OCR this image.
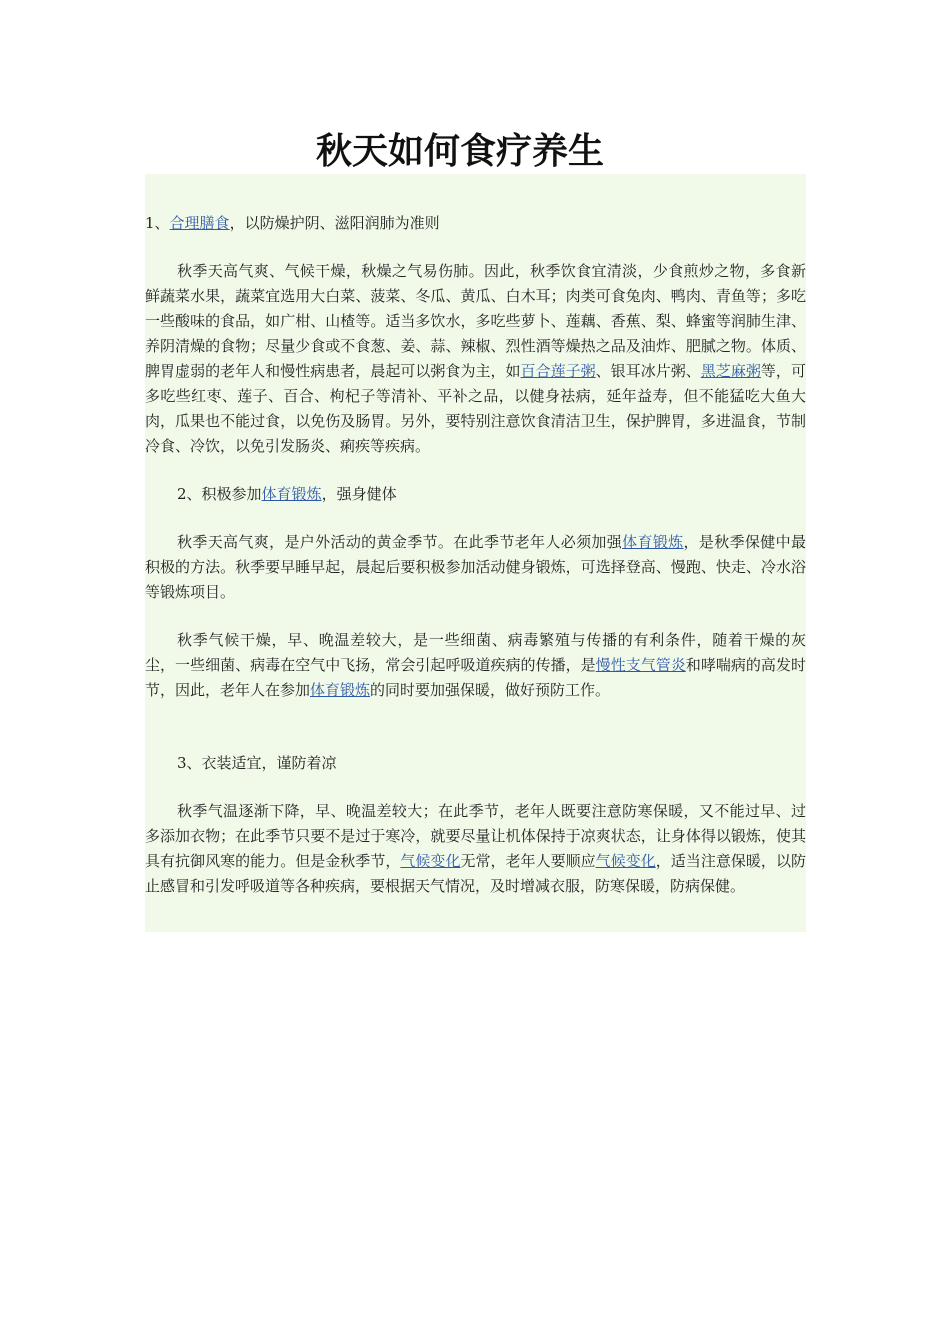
秋天如何食疗养生

1、合理膳食，以防燥护阴、滋阳润肺为准则

秋季天高气爽、气候干燥，秋燥之气易伤肺。因此，秋季饮食宜清淡，少食煎炒之物，多食新鲜蔬菜水果，蔬菜宜选用大白菜、菠菜、冬瓜、黄瓜、白木耳；肉类可食兔肉、鸭肉、青鱼等；多吃一些酸味的食品，如广柑、山楂等。适当多饮水，多吃些萝卜、莲藕、香蕉、梨、蜂蜜等润肺生津、养阴清燥的食物；尽量少食或不食葱、姜、蒜、辣椒、烈性酒等燥热之品及油炸、肥腻之物。体质、脾胃虚弱的老年人和慢性病患者，晨起可以粥食为主，如百合莲子粥、银耳冰片粥、黑芝麻粥等，可多吃些红枣、莲子、百合、枸杞子等清补、平补之品，以健身祛病，延年益寿，但不能猛吃大鱼大肉，瓜果也不能过食，以免伤及肠胃。另外，要特别注意饮食清洁卫生，保护脾胃，多进温食，节制冷食、冷饮，以免引发肠炎、痢疾等疾病。

2、积极参加体育锻炼，强身健体

秋季天高气爽，是户外活动的黄金季节。在此季节老年人必须加强体育锻炼，是秋季保健中最积极的方法。秋季要早睡早起，晨起后要积极参加活动健身锻炼，可选择登高、慢跑、快走、冷水浴等锻炼项目。

秋季气候干燥，早、晚温差较大，是一些细菌、病毒繁殖与传播的有利条件，随着干燥的灰尘，一些细菌、病毒在空气中飞扬，常会引起呼吸道疾病的传播，是慢性支气管炎和哮喘病的高发时节，因此，老年人在参加体育锻炼的同时要加强保暖，做好预防工作。

3、衣装适宜，谨防着凉

秋季气温逐渐下降，早、晚温差较大；在此季节，老年人既要注意防寒保暖，又不能过早、过多添加衣物；在此季节只要不是过于寒冷，就要尽量让机体保持于凉爽状态，让身体得以锻炼，使其具有抗御风寒的能力。但是金秋季节，气候变化无常，老年人要顺应气候变化，适当注意保暖，以防止感冒和引发呼吸道等各种疾病，要根据天气情况，及时增减衣服，防寒保暖，防病保健。
